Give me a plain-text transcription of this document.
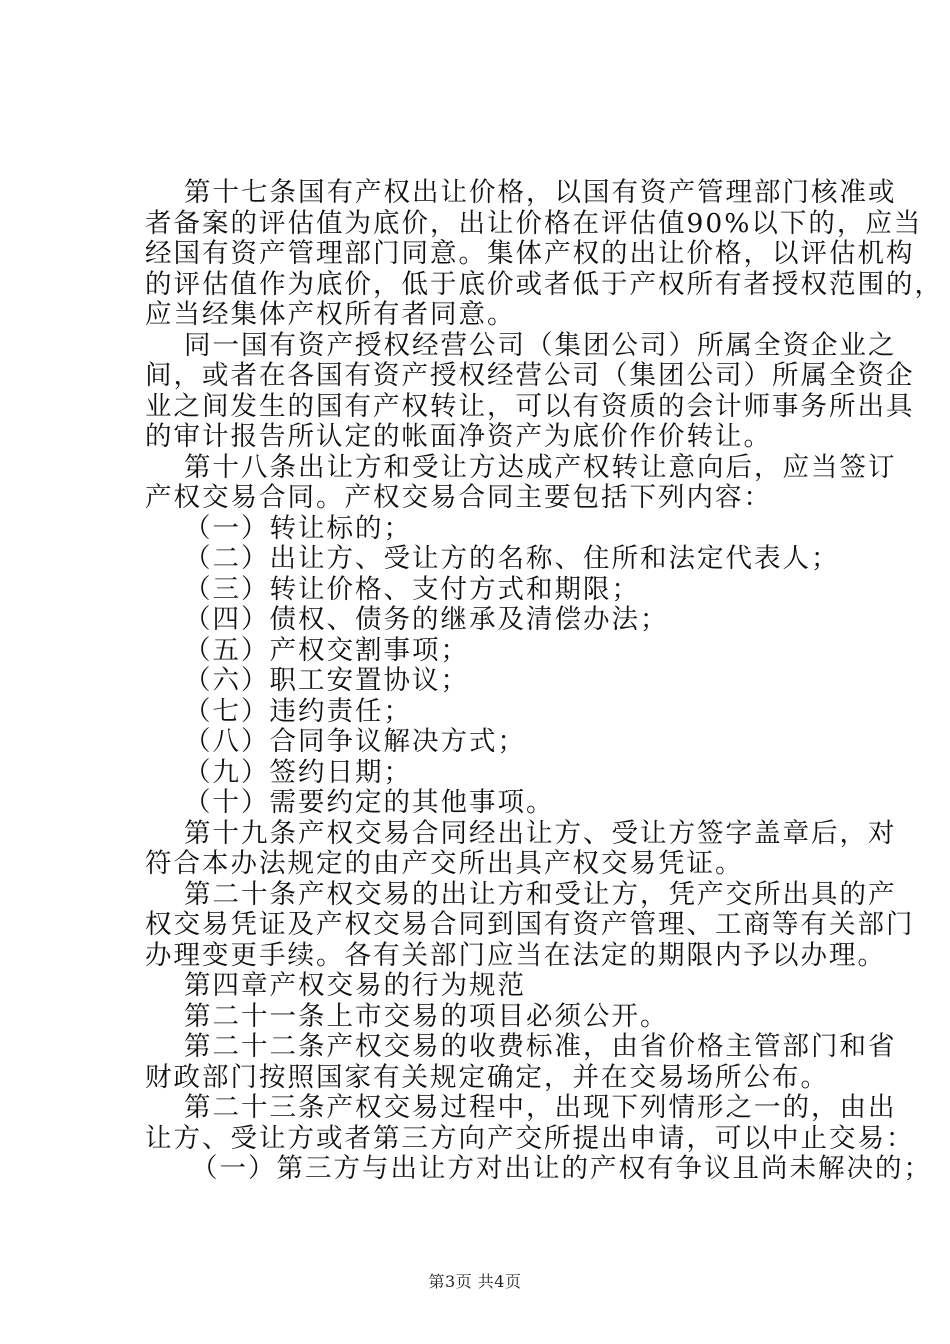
第十七条国有产权出让价格，以国有资产管理部门核准或
者备案的评估值为底价，出让价格在评估值90%以下的，应当
经国有资产管理部门同意。集体产权的出让价格，以评估机构
的评估值作为底价，低于底价或者低于产权所有者授权范围的，
应当经集体产权所有者同意。
同一国有资产授权经营公司（集团公司）所属全资企业之
间，或者在各国有资产授权经营公司（集团公司）所属全资企
业之间发生的国有产权转让，可以有资质的会计师事务所出具
的审计报告所认定的帐面净资产为底价作价转让。
第十八条出让方和受让方达成产权转让意向后，应当签订
产权交易合同。产权交易合同主要包括下列内容：
（一）转让标的；
（二）出让方、受让方的名称、住所和法定代表人；
（三）转让价格、支付方式和期限；
（四）债权、债务的继承及清偿办法；
（五）产权交割事项；
（六）职工安置协议；
（七）违约责任；
（八）合同争议解决方式；
（九）签约日期；
（十）需要约定的其他事项。
第十九条产权交易合同经出让方、受让方签字盖章后，对
符合本办法规定的由产交所出具产权交易凭证。
第二十条产权交易的出让方和受让方，凭产交所出具的产
权交易凭证及产权交易合同到国有资产管理、工商等有关部门
办理变更手续。各有关部门应当在法定的期限内予以办理。
第四章产权交易的行为规范
第二十一条上市交易的项目必须公开。
第二十二条产权交易的收费标准，由省价格主管部门和省
财政部门按照国家有关规定确定，并在交易场所公布。
第二十三条产权交易过程中，出现下列情形之一的，由出
让方、受让方或者第三方向产交所提出申请，可以中止交易：
（一）第三方与出让方对出让的产权有争议且尚未解决的；
第3页 共4页
